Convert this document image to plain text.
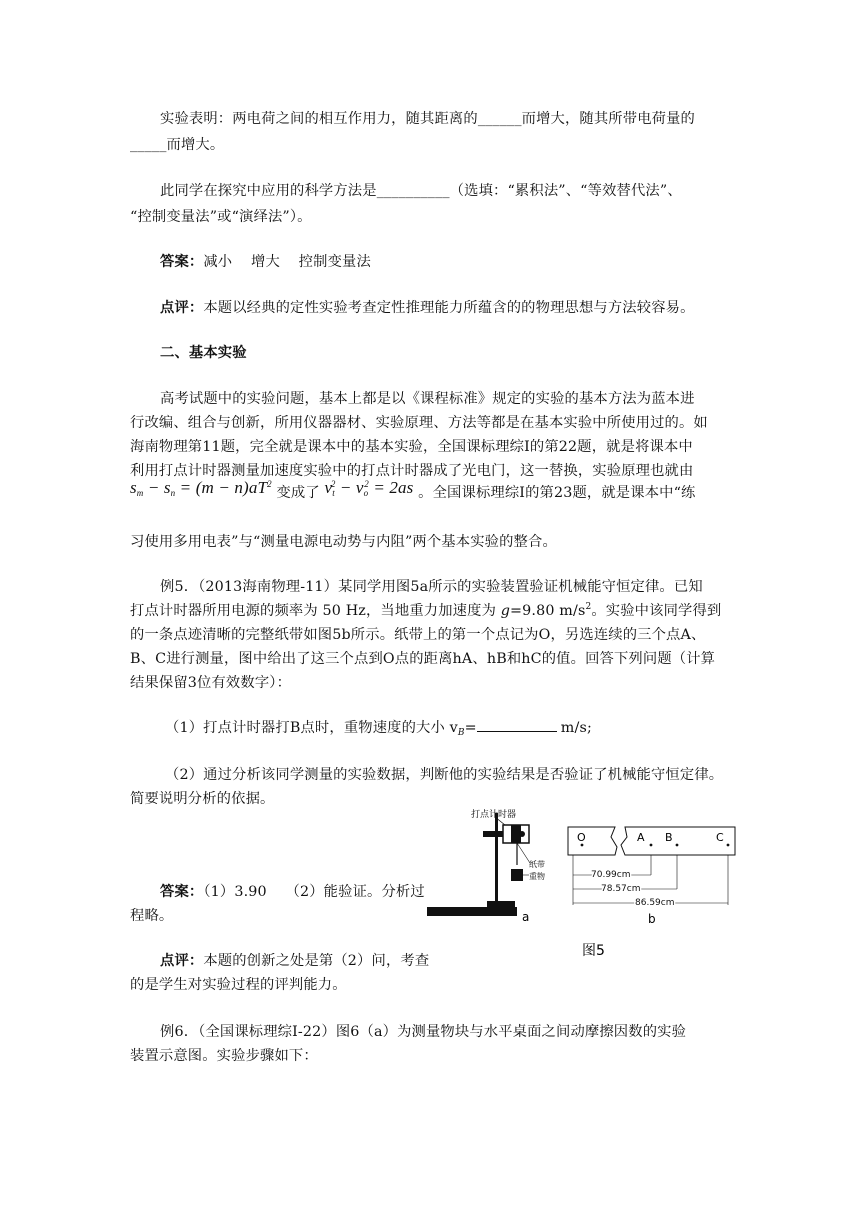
实验表明：两电荷之间的相互作用力，随其距离的______而增大，随其所带电荷量的
_____而增大。
此同学在探究中应用的科学方法是__________（选填：“累积法”、“等效替代法”、
“控制变量法”或“演绎法”）。
答案：减小    增大    控制变量法
点评：本题以经典的定性实验考查定性推理能力所蕴含的的物理思想与方法较容易。
二、基本实验
高考试题中的实验问题，基本上都是以《课程标准》规定的实验的基本方法为蓝本进
行改编、组合与创新，所用仪器器材、实验原理、方法等都是在基本实验中所使用过的。如
海南物理第11题，完全就是课本中的基本实验，全国课标理综Ⅰ的第22题，就是将课本中
利用打点计时器测量加速度实验中的打点计时器成了光电门，这一替换，实验原理也就由
$s_m - s_n = (m - n)aT^2$ 变成了 $v_t^2 - v_o^2 = 2as$ 。全国课标理综Ⅰ的第23题，就是课本中“练
习使用多用电表”与“测量电源电动势与内阻”两个基本实验的整合。
例5．（2013海南物理-11）某同学用图5a所示的实验装置验证机械能守恒定律。已知
打点计时器所用电源的频率为 50 Hz，当地重力加速度为 g=9.80 $m/s^2$。实验中该同学得到
的一条点迹清晰的完整纸带如图5b所示。纸带上的第一个点记为O，另选连续的三个点A、
B、C进行测量，图中给出了这三个点到O点的距离hA、hB和hC的值。回答下列问题（计算
结果保留3位有效数字）：
（1）打点计时器打B点时，重物速度的大小 $v_B=$	m/s;
（2）通过分析该同学测量的实验数据，判断他的实验结果是否验证了机械能守恒定律。
简要说明分析的依据。
答案：（1）3.90    （2）能验证。分析过
程略。
点评：本题的创新之处是第（2）问，考查
的是学生对实验过程的评判能力。
例6．（全国课标理综Ⅰ-22）图6（a）为测量物块与水平桌面之间动摩擦因数的实验
装置示意图。实验步骤如下：
打点计时器
纸带
重物
a
O	A B	C
70.99cm
78.57cm
86.59cm
b
图5
